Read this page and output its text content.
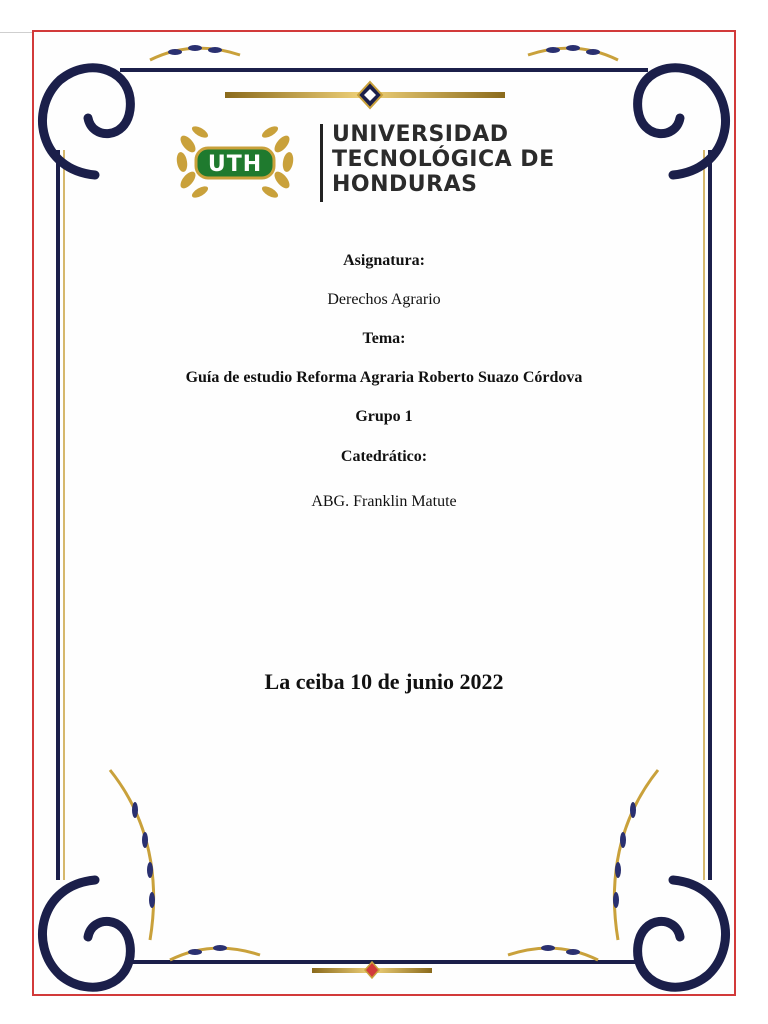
UTH
UNIVERSIDAD
TECNOLÓGICA DE
HONDURAS
Asignatura:
Derechos Agrario
Tema:
Guía de estudio Reforma Agraria Roberto Suazo Córdova
Grupo 1
Catedrático:
ABG. Franklin Matute
La ceiba 10 de junio 2022
